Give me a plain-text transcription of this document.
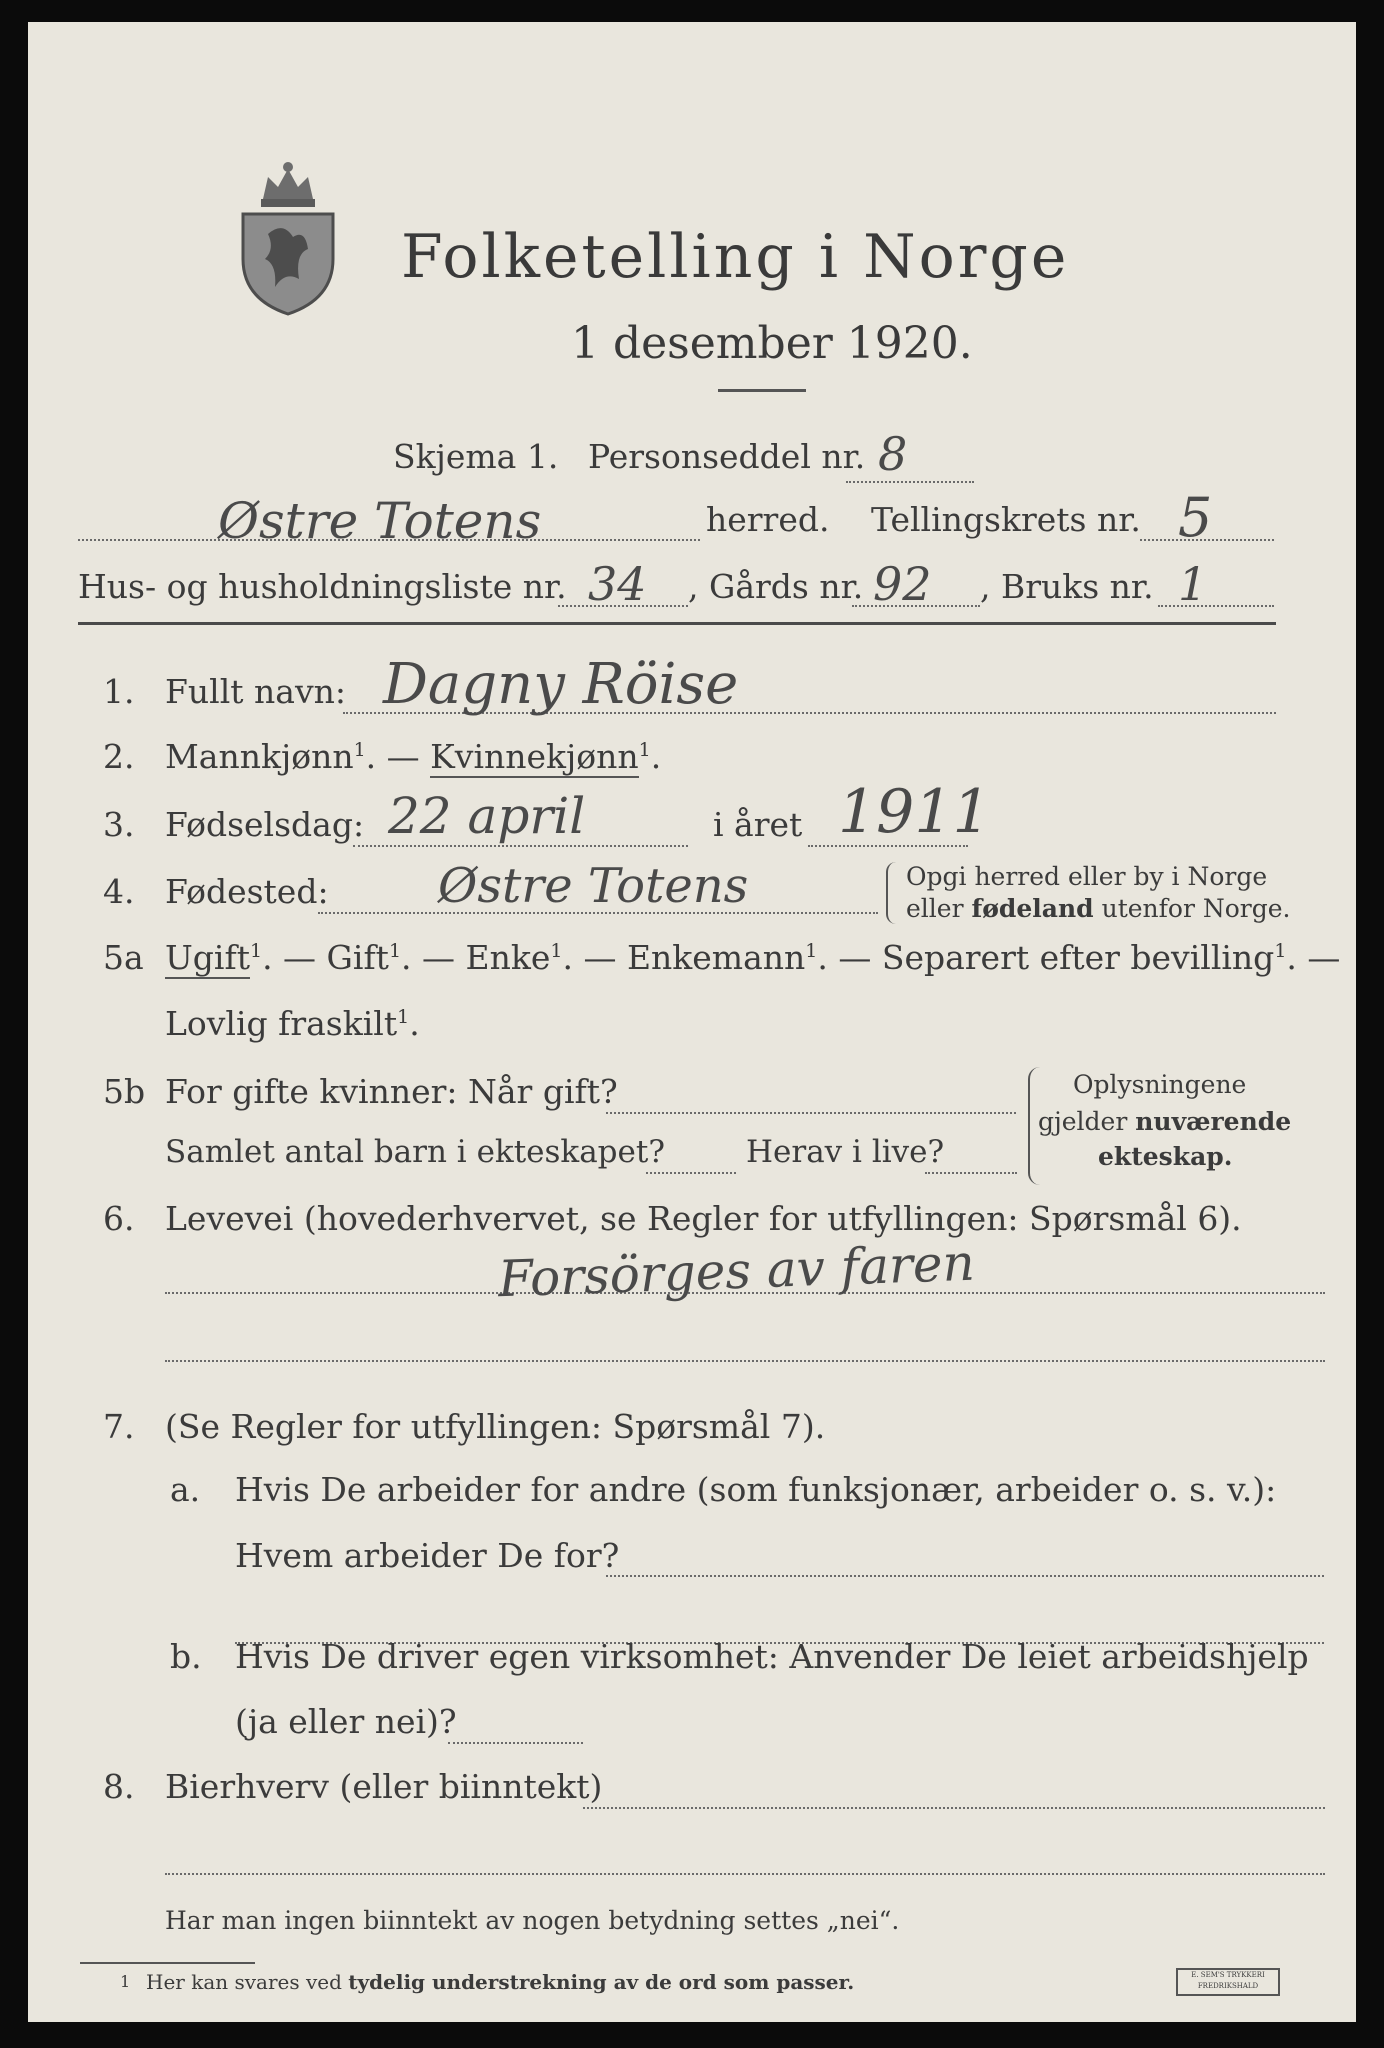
Folketelling i Norge
1 desember 1920.
Skjema 1. Personseddel nr. 8
Østre Totens	herred. Tellingskrets nr. 5
Hus- og husholdningsliste nr. 34 , Gårds nr. 92 , Bruks nr. 1
1. Fullt navn: Dagny Röise
2. Mannkjønn$^1$. — Kvinnekjønn$^1$.
3. Fødselsdag: 22 april	i året 1911
4. Fødested: Østre Totens	Opgi herred eller by i Norge
eller fødeland utenfor Norge.
5a Ugift$^1$. — Gift$^1$. — Enke$^1$. — Enkemann$^1$. — Separert efter bevilling$^1$. —
Lovlig fraskilt$^1$.
5b For gifte kvinner: Når gift?
Samlet antal barn i ekteskapet?	Herav i live?
Oplysningene
gjelder nuværende
ekteskap.
6. Levevei (hovederhvervet, se Regler for utfyllingen: Spørsmål 6).
Forsörges av faren
7. (Se Regler for utfyllingen: Spørsmål 7).
a. Hvis De arbeider for andre (som funksjonær, arbeider o. s. v.):
Hvem arbeider De for?
b. Hvis De driver egen virksomhet: Anvender De leiet arbeidshjelp
(ja eller nei)?
8. Bierhverv (eller biinntekt)
Har man ingen biinntekt av nogen betydning settes „nei“.
1 Her kan svares ved tydelig understrekning av de ord som passer.	E. SEM'S TRYKKERI
FREDRIKSHALD
